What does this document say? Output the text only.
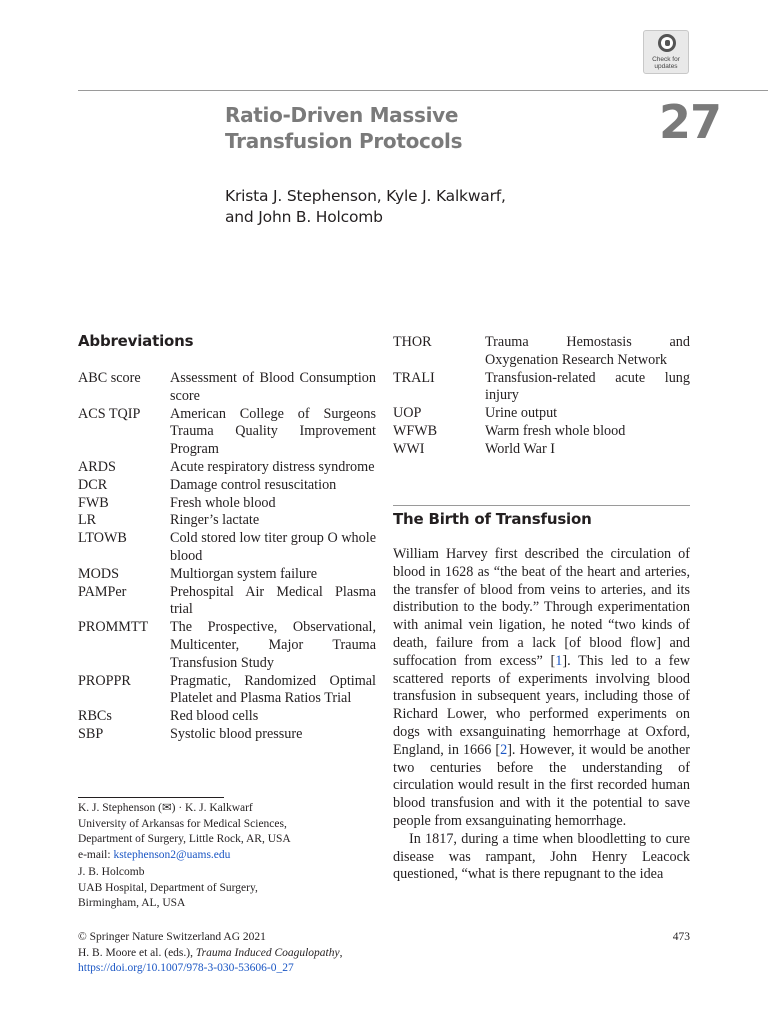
Check for
updates
Ratio-Driven Massive
Transfusion Protocols	27
Krista J. Stephenson, Kyle J. Kalkwarf,
and John B. Holcomb
Abbreviations
ABC score	Assessment of Blood Consumption score
ACS TQIP	American College of Surgeons Trauma Quality Improvement Program
ARDS	Acute respiratory distress syndrome
DCR	Damage control resuscitation
FWB	Fresh whole blood
LR	Ringer’s lactate
LTOWB	Cold stored low titer group O whole blood
MODS	Multiorgan system failure
PAMPer	Prehospital Air Medical Plasma trial
PROMMTT	The Prospective, Observational, Multicenter, Major Trauma Transfusion Study
PROPPR	Pragmatic, Randomized Optimal Platelet and Plasma Ratios Trial
RBCs	Red blood cells
SBP	Systolic blood pressure
THOR	Trauma Hemostasis and Oxygenation Research Network
TRALI	Transfusion-related acute lung injury
UOP	Urine output
WFWB	Warm fresh whole blood
WWI	World War I
The Birth of Transfusion

William Harvey first described the circulation of blood in 1628 as “the beat of the heart and arteries, the transfer of blood from veins to arteries, and its distribution to the body.” Through experimentation with animal vein ligation, he noted “two kinds of death, failure from a lack [of blood flow] and suffocation from excess” [1]. This led to a few scattered reports of experiments involving blood transfusion in subsequent years, including those of Richard Lower, who performed experiments on dogs with exsanguinating hemorrhage at Oxford, England, in 1666 [2]. However, it would be another two centuries before the understanding of circulation would result in the first recorded human blood transfusion and with it the potential to save people from exsanguinating hemorrhage.

In 1817, during a time when bloodletting to cure disease was rampant, John Henry Leacock questioned, “what is there repugnant to the idea

K. J. Stephenson (✉) · K. J. Kalkwarf
University of Arkansas for Medical Sciences,
Department of Surgery, Little Rock, AR, USA
e-mail: kstephenson2@uams.edu
J. B. Holcomb
UAB Hospital, Department of Surgery,
Birmingham, AL, USA
© Springer Nature Switzerland AG 2021
H. B. Moore et al. (eds.), Trauma Induced Coagulopathy,
https://doi.org/10.1007/978-3-030-53606-0_27
473
